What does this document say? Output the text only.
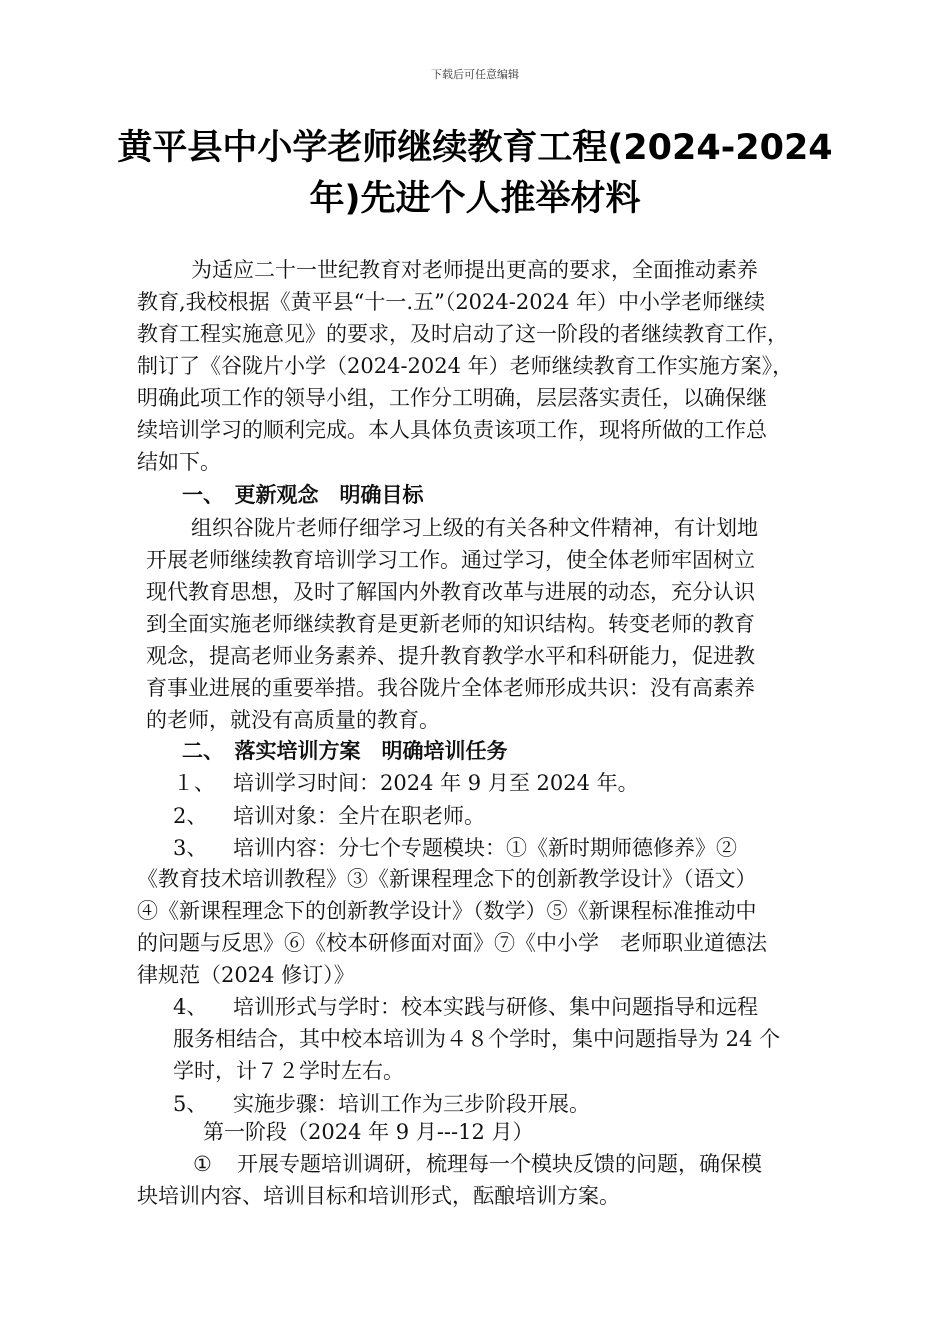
下载后可任意编辑
黄平县中小学老师继续教育工程(2024-2024
年)先进个人推举材料
为适应二十一世纪教育对老师提出更高的要求，全面推动素养
教育,我校根据《黄平县“十一.五”（2024-2024 年）中小学老师继续
教育工程实施意见》的要求，及时启动了这一阶段的者继续教育工作，
制订了《谷陇片小学（2024-2024 年）老师继续教育工作实施方案》，
明确此项工作的领导小组，工作分工明确，层层落实责任，以确保继
续培训学习的顺利完成。本人具体负责该项工作，现将所做的工作总
结如下。
一、　更新观念　明确目标
组织谷陇片老师仔细学习上级的有关各种文件精神，有计划地
开展老师继续教育培训学习工作。通过学习，使全体老师牢固树立
现代教育思想，及时了解国内外教育改革与进展的动态，充分认识
到全面实施老师继续教育是更新老师的知识结构。转变老师的教育
观念，提高老师业务素养、提升教育教学水平和科研能力，促进教
育事业进展的重要举措。我谷陇片全体老师形成共识：没有高素养
的老师，就没有高质量的教育。
二、　落实培训方案　明确培训任务
１、 培训学习时间：2024 年 9 月至 2024 年。
2、 培训对象：全片在职老师。
3、 培训内容：分七个专题模块：①《新时期师德修养》②
《教育技术培训教程》③《新课程理念下的创新教学设计》（语文）
④《新课程理念下的创新教学设计》（数学）⑤《新课程标准推动中
的问题与反思》⑥《校本研修面对面》⑦《中小学　老师职业道德法
律规范（2024 修订）》
4、 培训形式与学时：校本实践与研修、集中问题指导和远程
服务相结合，其中校本培训为４８个学时，集中问题指导为 24 个
学时，计７２学时左右。
5、 实施步骤：培训工作为三步阶段开展。
第一阶段（2024 年 9 月---12 月）
① 开展专题培训调研，梳理每一个模块反馈的问题，确保模
块培训内容、培训目标和培训形式，酝酿培训方案。
